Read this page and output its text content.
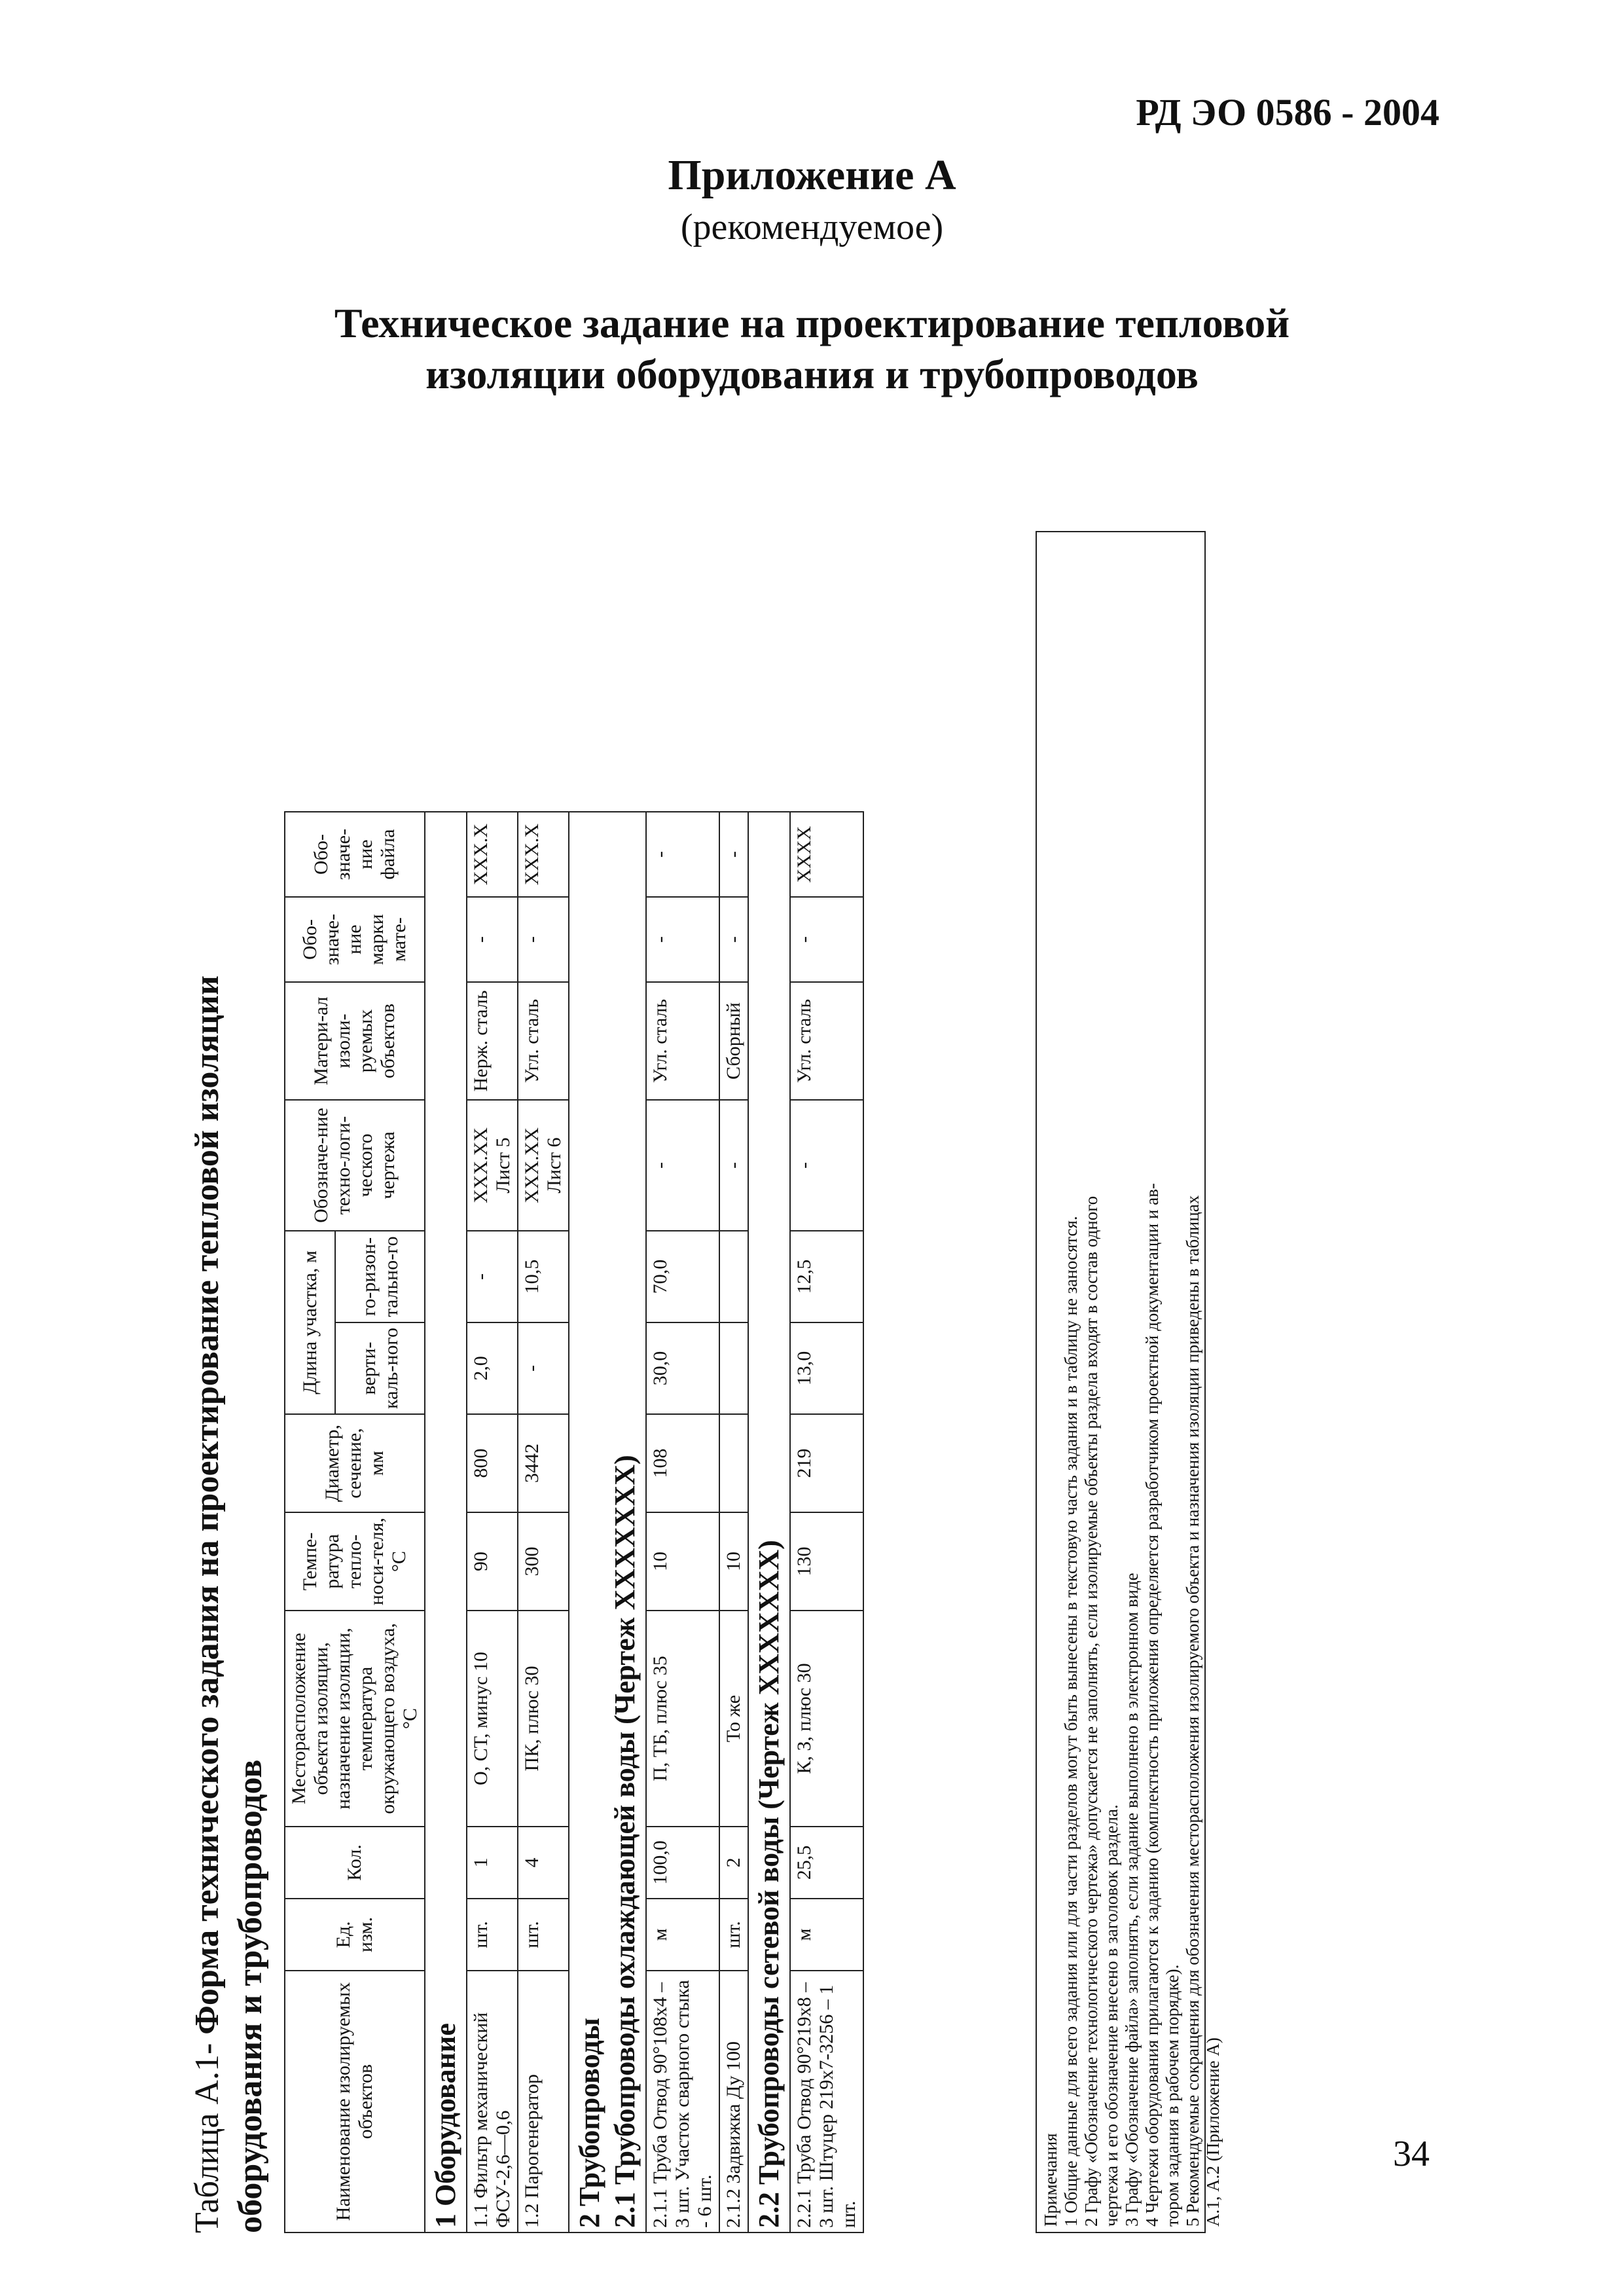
РД ЭО 0586 - 2004
Приложение А
(рекомендуемое)
Техническое задание на проектирование тепловой
изоляции оборудования и трубопроводов
Таблица А.1- Форма технического задания на проектирование тепловой изоляции оборудования и трубопроводов	Наименование изолируемых объектов	Ед. изм.	Кол.	Месторасположение объекта изоляции, назначение изоляции, температура окружающего воздуха, °С	Темпе-ратура тепло-носи-теля, °С	Диаметр, сечение, мм	Длина участка, м		Обозначе-ние техно-логи-ческого чертежа	Матери-ал изоли-руемых объектов	Обо-значе-ние марки мате-	Обо-значе-ние файла	
						верти-каль-ного	го-ризон-тально-го					
1 Оборудование												
1.1 Фильтр механический ФСУ-2,6—0,6	шт.	1	О, СТ, минус 10	90	800	2,0	-	ХХХ.ХХ Лист 5	Нерж. сталь	-	ХХХ.Х	
1.2 Парогенератор	шт.	4	ПК, плюс 30	300	3442	-	10,5	ХХХ.ХХ Лист 6	Угл. сталь	-	ХХХ.Х	

2 Трубопроводы 2.1 Трубопроводы охлаждающей воды (Чертеж ХХХХХХХ)												

2.1.1 Труба Отвод 90°108х4 – 3 шт. Участок сварного стыка - 6 шт.	м	100,0	П, ТБ, плюс 35	10	108	30,0	70,0	-	Угл. сталь	-	-	
2.1.2 Задвижка Ду 100	шт.	2	То же	10				-	Сборный	-	-	
2.2 Трубопроводы сетевой воды (Чертеж ХХХХХХХ)												
2.2.1 Труба Отвод 90°219х8 – 3 шт. Штуцер 219х7-3256 – 1 шт.	м	25,5	К, З, плюс 30	130	219	13,0	12,5	-	Угл. сталь	-	ХХХХ	
Примечания 1 Общие данные для всего задания или для части разделов могут быть вынесены в текстовую часть задания и в таблицу не заносятся. 2 Графу «Обозначение технологического чертежа» допускается не заполнять, если изолируемые объекты раздела входят в состав одного чертежа и его обозначение внесено в заголовок раздела. 3 Графу «Обозначение файла» заполнять, если задание выполнено в электронном виде 4 Чертежи оборудования прилагаются к заданию (комплектность приложения определяется разработчиком проектной документации и ав- тором задания в рабочем порядке). 5 Рекомендуемые сокращения для обозначения месторасположения изолируемого объекта и назначения изоляции приведены в таблицах А.1, А.2 (Приложение А)	34
